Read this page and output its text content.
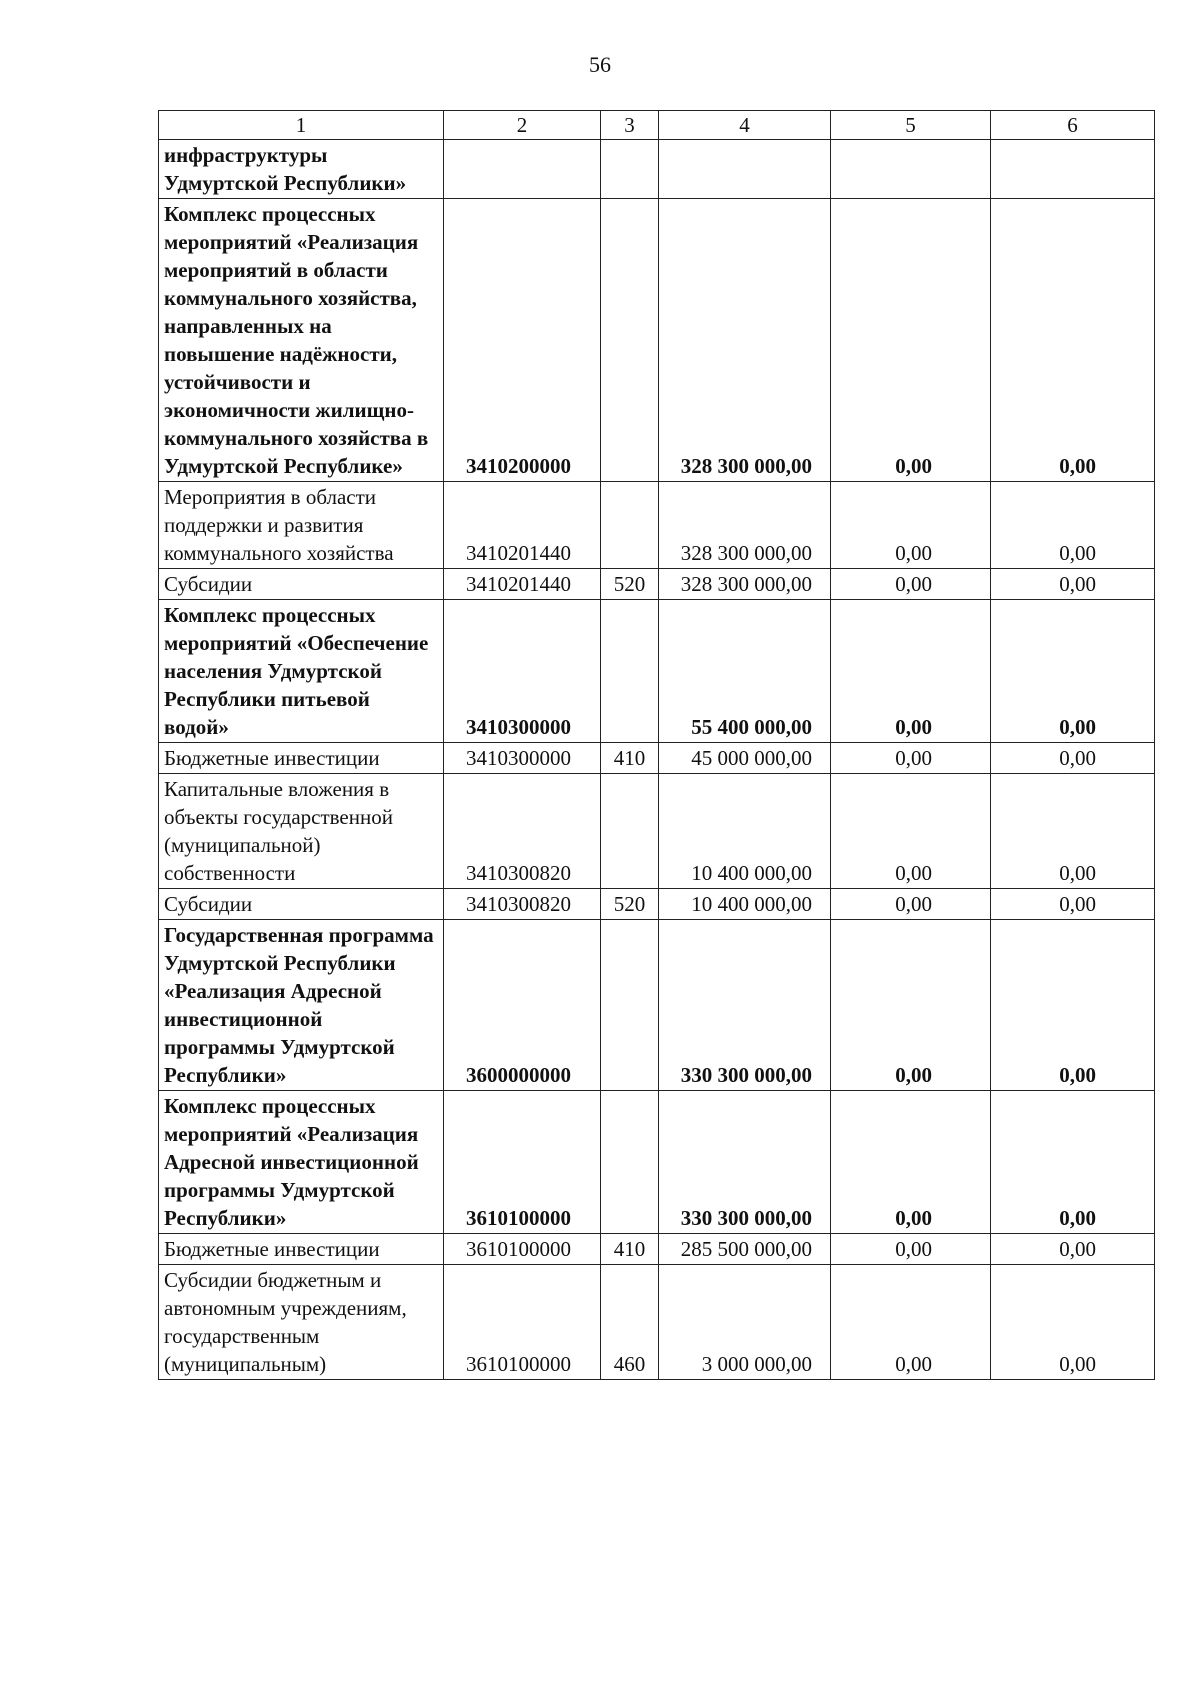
56
1	2	3	4	5	6
инфраструктуры Удмуртской Республики»					
Комплекс процессных мероприятий «Реализация мероприятий в области коммунального хозяйства, направленных на повышение надёжности, устойчивости и экономичности жилищно-коммунального хозяйства в Удмуртской Республике»	3410200000		328 300 000,00	0,00	0,00
Мероприятия в области поддержки и развития коммунального хозяйства	3410201440		328 300 000,00	0,00	0,00
Субсидии	3410201440	520	328 300 000,00	0,00	0,00
Комплекс процессных мероприятий «Обеспечение населения Удмуртской Республики питьевой водой»	3410300000		55 400 000,00	0,00	0,00
Бюджетные инвестиции	3410300000	410	45 000 000,00	0,00	0,00
Капитальные вложения в объекты государственной (муниципальной) собственности	3410300820		10 400 000,00	0,00	0,00
Субсидии	3410300820	520	10 400 000,00	0,00	0,00
Государственная программа Удмуртской Республики «Реализация Адресной инвестиционной программы Удмуртской Республики»	3600000000		330 300 000,00	0,00	0,00
Комплекс процессных мероприятий «Реализация Адресной инвестиционной программы Удмуртской Республики»	3610100000		330 300 000,00	0,00	0,00
Бюджетные инвестиции	3610100000	410	285 500 000,00	0,00	0,00
Субсидии бюджетным и автономным учреждениям, государственным (муниципальным)	3610100000	460	3 000 000,00	0,00	0,00
